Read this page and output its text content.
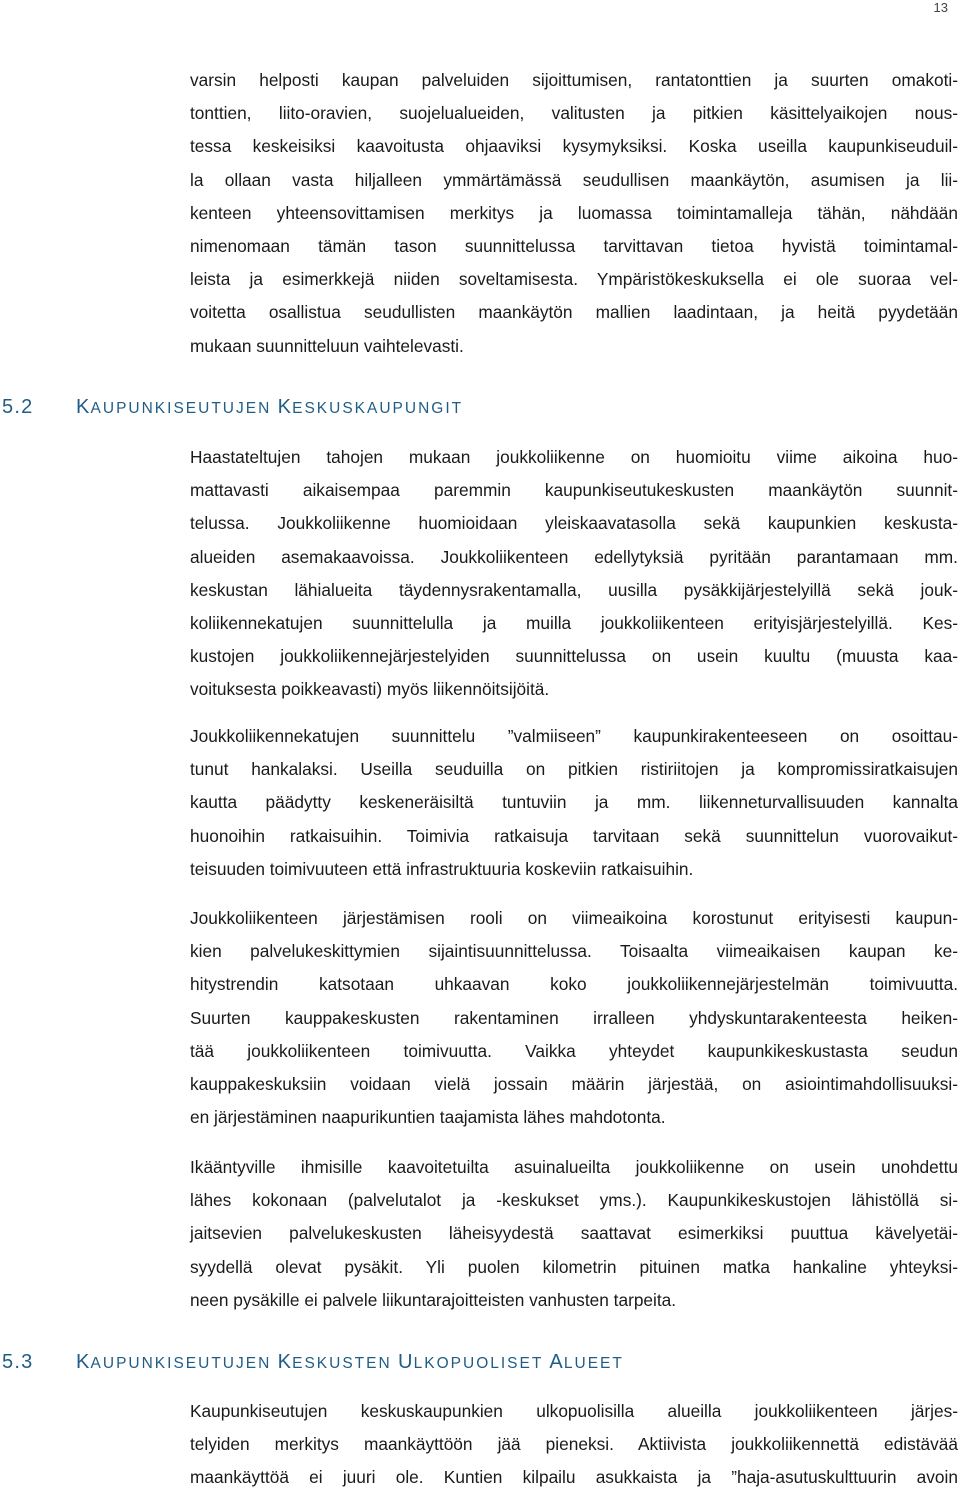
13
varsin helposti kaupan palveluiden sijoittumisen, rantatonttien ja suurten omakoti-
tonttien, liito-oravien, suojelualueiden, valitusten ja pitkien käsittelyaikojen nous-
tessa keskeisiksi kaavoitusta ohjaaviksi kysymyksiksi. Koska useilla kaupunkiseuduil-
la ollaan vasta hiljalleen ymmärtämässä seudullisen maankäytön, asumisen ja lii-
kenteen yhteensovittamisen merkitys ja luomassa toimintamalleja tähän, nähdään
nimenomaan tämän tason suunnittelussa tarvittavan tietoa hyvistä toimintamal-
leista ja esimerkkejä niiden soveltamisesta. Ympäristökeskuksella ei ole suoraa vel-
voitetta osallistua seudullisten maankäytön mallien laadintaan, ja heitä pyydetään
mukaan suunnitteluun vaihtelevasti.
5.2 KAUPUNKISEUTUJEN KESKUSKAUPUNGIT
Haastateltujen tahojen mukaan joukkoliikenne on huomioitu viime aikoina huo-
mattavasti aikaisempaa paremmin kaupunkiseutukeskusten maankäytön suunnit-
telussa. Joukkoliikenne huomioidaan yleiskaavatasolla sekä kaupunkien keskusta-
alueiden asemakaavoissa. Joukkoliikenteen edellytyksiä pyritään parantamaan mm.
keskustan lähialueita täydennysrakentamalla, uusilla pysäkkijärjestelyillä sekä jouk-
koliikennekatujen suunnittelulla ja muilla joukkoliikenteen erityisjärjestelyillä. Kes-
kustojen joukkoliikennejärjestelyiden suunnittelussa on usein kuultu (muusta kaa-
voituksesta poikkeavasti) myös liikennöitsijöitä.
Joukkoliikennekatujen suunnittelu ”valmiiseen” kaupunkirakenteeseen on osoittau-
tunut hankalaksi. Useilla seuduilla on pitkien ristiriitojen ja kompromissiratkaisujen
kautta päädytty keskeneräisiltä tuntuviin ja mm. liikenneturvallisuuden kannalta
huonoihin ratkaisuihin. Toimivia ratkaisuja tarvitaan sekä suunnittelun vuorovaikut-
teisuuden toimivuuteen että infrastruktuuria koskeviin ratkaisuihin.
Joukkoliikenteen järjestämisen rooli on viimeaikoina korostunut erityisesti kaupun-
kien palvelukeskittymien sijaintisuunnittelussa. Toisaalta viimeaikaisen kaupan ke-
hitystrendin katsotaan uhkaavan koko joukkoliikennejärjestelmän toimivuutta.
Suurten kauppakeskusten rakentaminen irralleen yhdyskuntarakenteesta heiken-
tää joukkoliikenteen toimivuutta. Vaikka yhteydet kaupunkikeskustasta seudun
kauppakeskuksiin voidaan vielä jossain määrin järjestää, on asiointimahdollisuuksi-
en järjestäminen naapurikuntien taajamista lähes mahdotonta.
Ikääntyville ihmisille kaavoitetuilta asuinalueilta joukkoliikenne on usein unohdettu
lähes kokonaan (palvelutalot ja -keskukset yms.). Kaupunkikeskustojen lähistöllä si-
jaitsevien palvelukeskusten läheisyydestä saattavat esimerkiksi puuttua kävelyetäi-
syydellä olevat pysäkit. Yli puolen kilometrin pituinen matka hankaline yhteyksi-
neen pysäkille ei palvele liikuntarajoitteisten vanhusten tarpeita.
5.3 KAUPUNKISEUTUJEN KESKUSTEN ULKOPUOLISET ALUEET
Kaupunkiseutujen keskuskaupunkien ulkopuolisilla alueilla joukkoliikenteen järjes-
telyiden merkitys maankäyttöön jää pieneksi. Aktiivista joukkoliikennettä edistävää
maankäyttöä ei juuri ole. Kuntien kilpailu asukkaista ja ”haja-asutuskulttuurin avoin
